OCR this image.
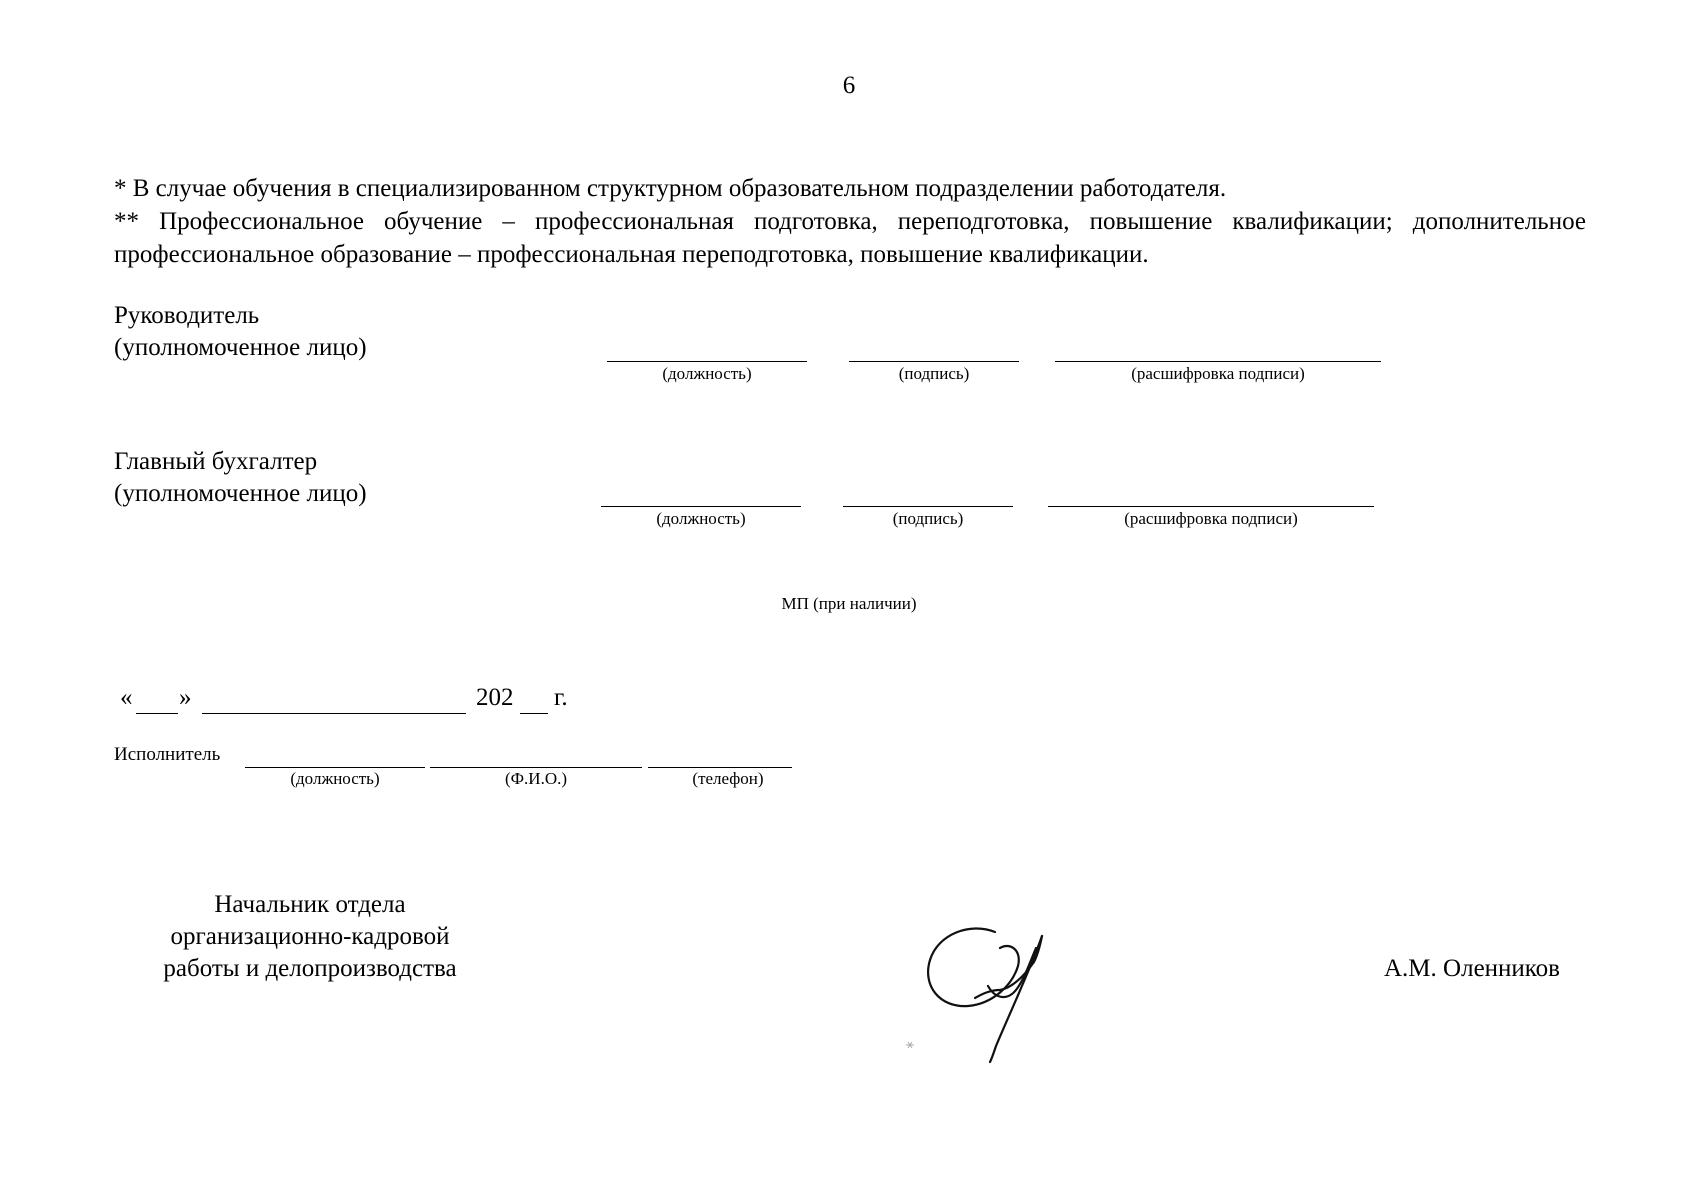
6

* В случае обучения в специализированном структурном образовательном подразделении работодателя.

** Профессиональное обучение – профессиональная подготовка, переподготовка, повышение квалификации; дополнительное профессиональное образование – профессиональная переподготовка, повышение квалификации.

Руководитель
(уполномоченное лицо)
(должность)	(подпись)	(расшифровка подписи)
Главный бухгалтер
(уполномоченное лицо)
(должность)	(подпись)	(расшифровка подписи)
МП (при наличии)
« »	202 г.
Исполнитель
(должность)	(Ф.И.О.)	(телефон)
Начальник отдела
организационно-кадровой
работы и делопроизводства	А.М. Оленников
